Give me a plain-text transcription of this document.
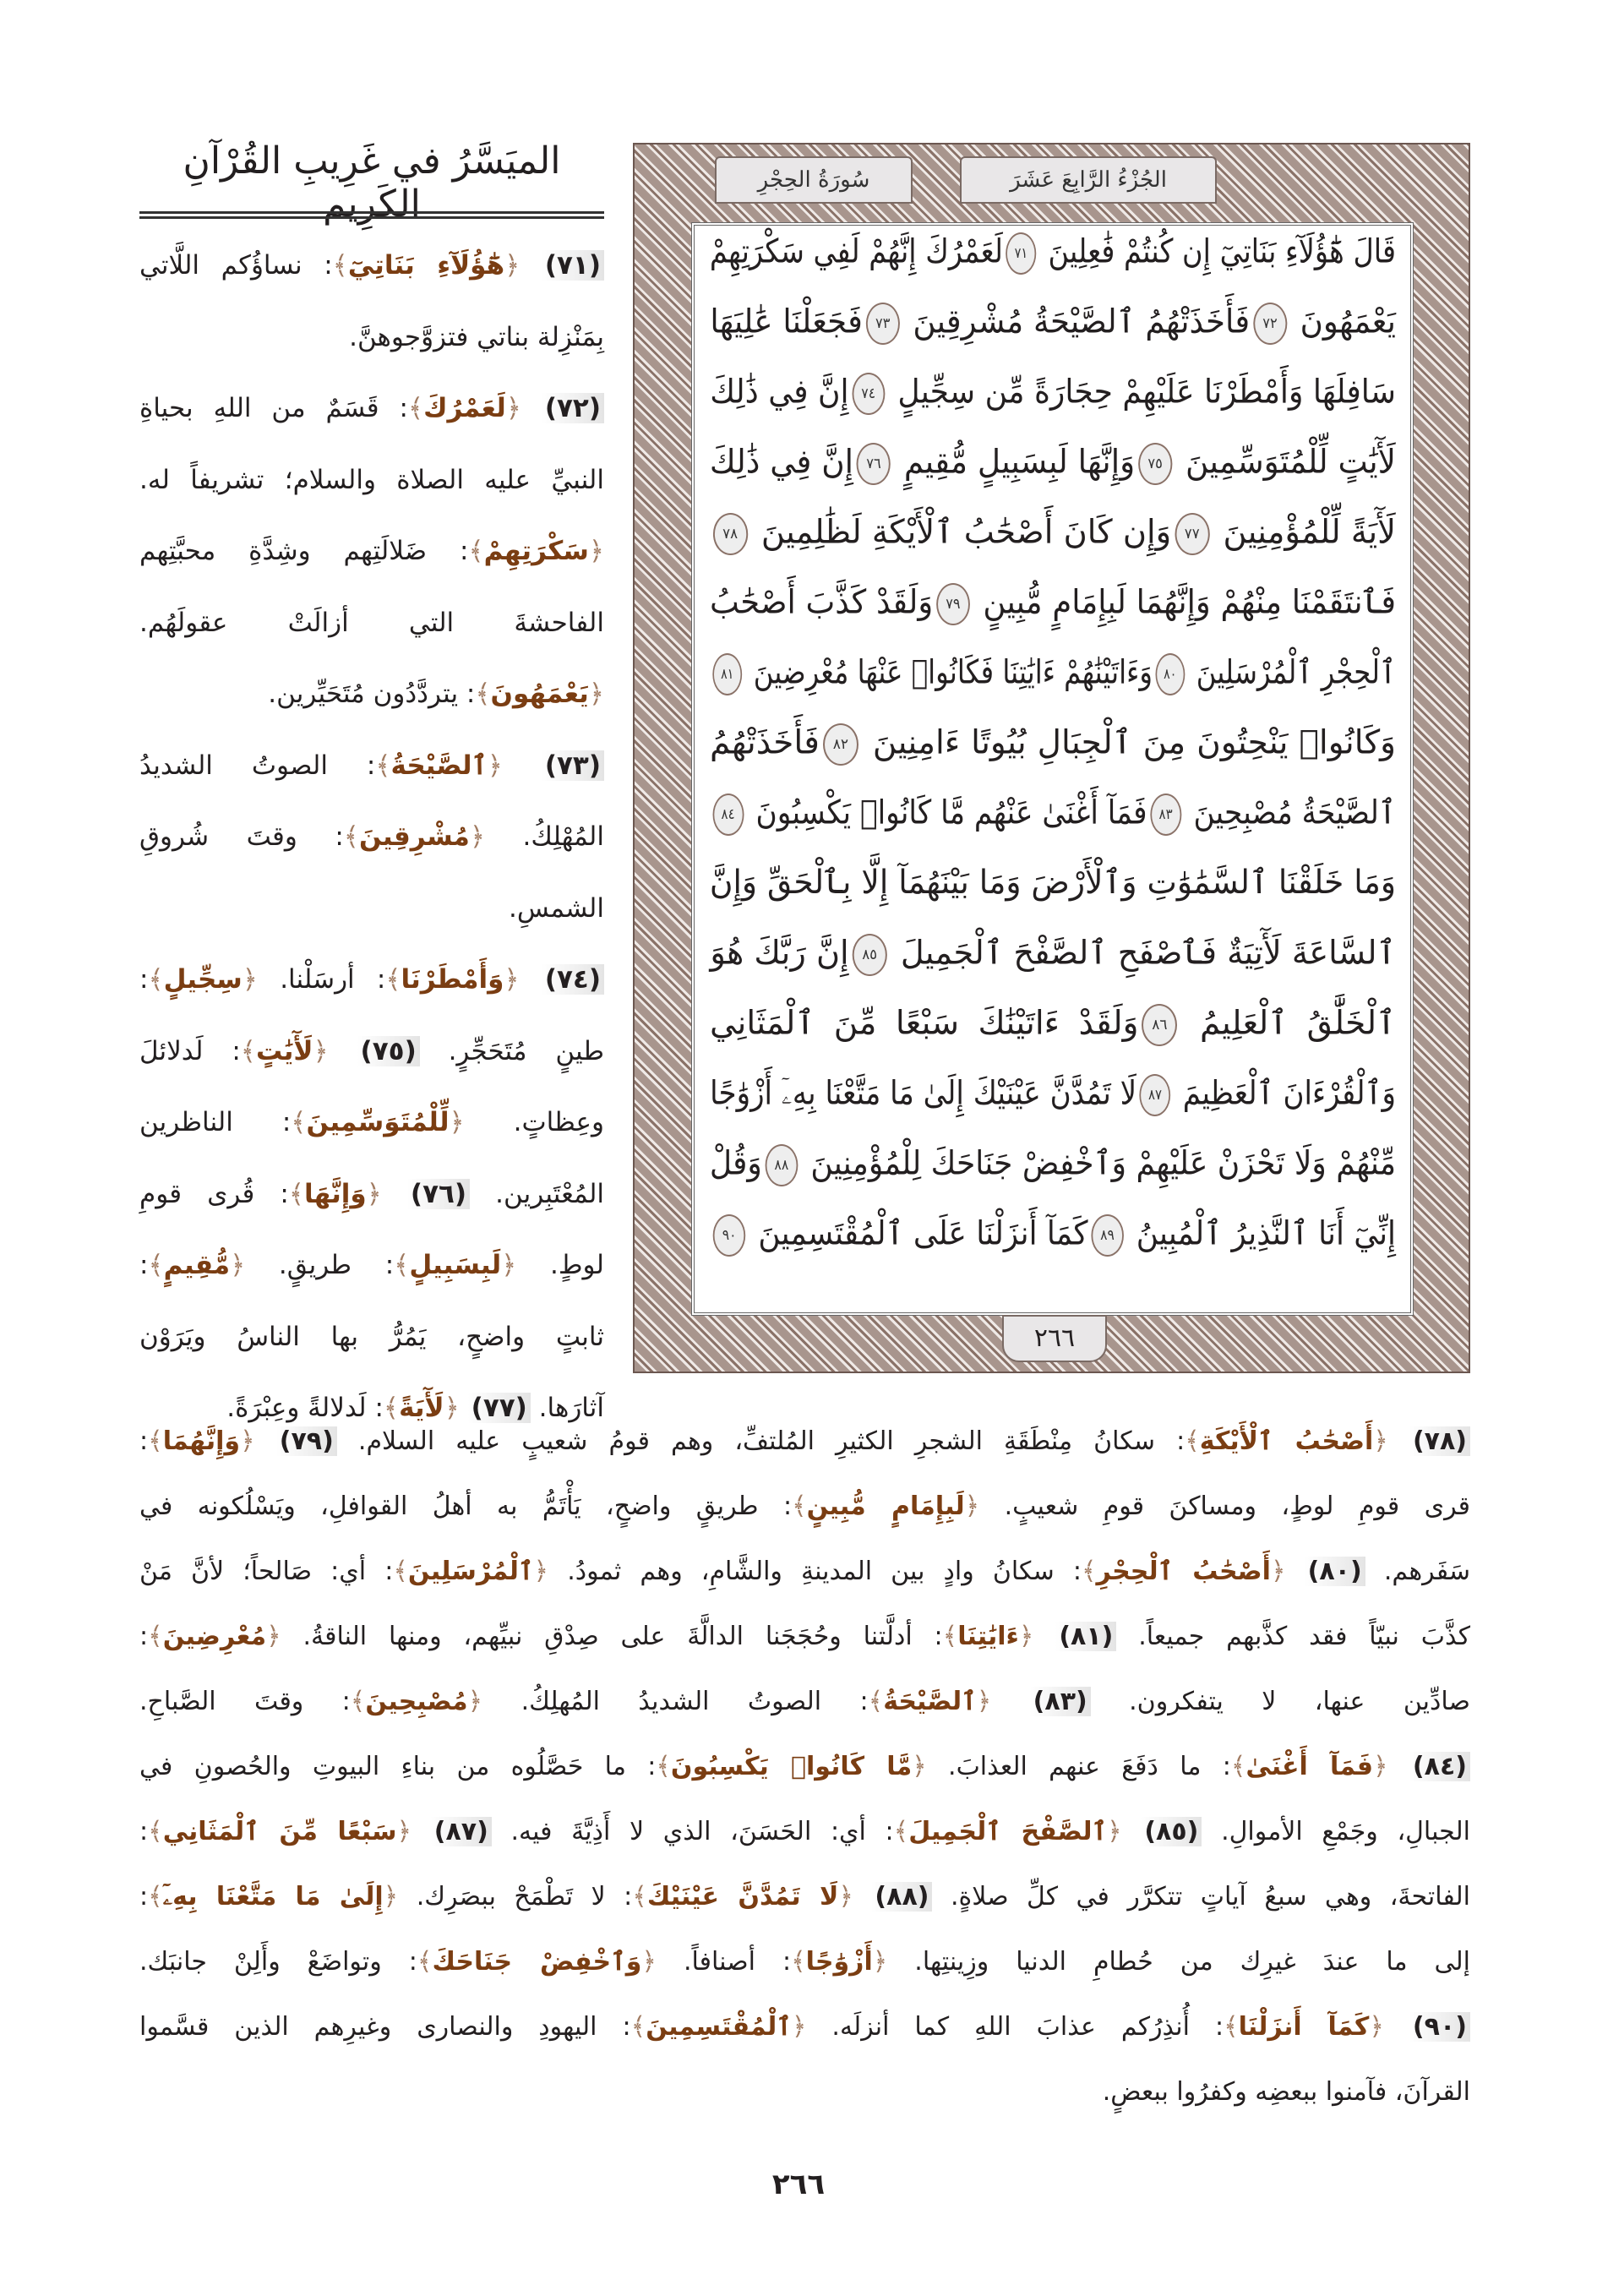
الميَسَّرُ في غَرِيبِ القُرْآنِ الكَرِيم
(٧١) ﴿هَٰٓؤُلَآءِ بَنَاتِيٓ﴾: نساؤُكم اللَّاتي
بِمَنْزِلة بناتي فتزوَّجوهنَّ.
(٧٢) ﴿لَعَمْرُكَ﴾: قَسَمٌ من اللهِ بحياةِ
النبيِّ عليه الصلاة والسلام؛ تشريفاً له.
﴿سَكْرَتِهِمْ﴾: ضَلالَتِهم وشِدَّةِ محبَّتِهم
الفاحشةَ التي أزالَتْ عقولَهُم.
﴿يَعْمَهُونَ﴾: يتردَّدُون مُتَحَيِّرين.
(٧٣) ﴿ٱلصَّيْحَةُ﴾: الصوتُ الشديدُ
المُهْلِكُ. ﴿مُشْرِقِينَ﴾: وقتَ شُروقِ
الشمسِ.
(٧٤) ﴿وَأَمْطَرْنَا﴾: أرسَلْنا. ﴿سِجِّيلٍ﴾:
طينٍ مُتَحَجِّرٍ. (٧٥) ﴿لَأٓيَٰتٍ﴾: لَدلائلَ
وعِظاتٍ. ﴿لِّلْمُتَوَسِّمِينَ﴾: الناظرين
المُعْتَبِرين. (٧٦) ﴿وَإِنَّهَا﴾: قُرى قومِ
لوطٍ. ﴿لَبِسَبِيلٍ﴾: طريقٍ. ﴿مُّقِيمٍ﴾:
ثابتٍ واضحٍ، يَمُرُّ بها الناسُ ويَرَوْن
آثارَها. (٧٧) ﴿لَأٓيَةً﴾: لَدلالةً وعِبْرَةً.
الجُزْءُ الرَّابِعَ عَشَرَ
سُورَةُ الحِجْرِ
قَالَ هَٰٓؤُلَآءِ بَنَاتِيٓ إِن كُنتُمْ فَٰعِلِينَ ٧١لَعَمْرُكَ إِنَّهُمْ لَفِي سَكْرَتِهِمْ
يَعْمَهُونَ ٧٢فَأَخَذَتْهُمُ ٱلصَّيْحَةُ مُشْرِقِينَ ٧٣فَجَعَلْنَا عَٰلِيَهَا
سَافِلَهَا وَأَمْطَرْنَا عَلَيْهِمْ حِجَارَةً مِّن سِجِّيلٍ ٧٤إِنَّ فِي ذَٰلِكَ
لَأٓيَٰتٍ لِّلْمُتَوَسِّمِينَ ٧٥وَإِنَّهَا لَبِسَبِيلٍ مُّقِيمٍ ٧٦إِنَّ فِي ذَٰلِكَ
لَأٓيَةً لِّلْمُؤْمِنِينَ ٧٧وَإِن كَانَ أَصْحَٰبُ ٱلْأَيْكَةِ لَظَٰلِمِينَ ٧٨
فَٱنتَقَمْنَا مِنْهُمْ وَإِنَّهُمَا لَبِإِمَامٍ مُّبِينٍ ٧٩وَلَقَدْ كَذَّبَ أَصْحَٰبُ
ٱلْحِجْرِ ٱلْمُرْسَلِينَ ٨٠وَءَاتَيْنَٰهُمْ ءَايَٰتِنَا فَكَانُوا۟ عَنْهَا مُعْرِضِينَ ٨١
وَكَانُوا۟ يَنْحِتُونَ مِنَ ٱلْجِبَالِ بُيُوتًا ءَامِنِينَ ٨٢فَأَخَذَتْهُمُ
ٱلصَّيْحَةُ مُصْبِحِينَ ٨٣فَمَآ أَغْنَىٰ عَنْهُم مَّا كَانُوا۟ يَكْسِبُونَ ٨٤
وَمَا خَلَقْنَا ٱلسَّمَٰوَٰتِ وَٱلْأَرْضَ وَمَا بَيْنَهُمَآ إِلَّا بِٱلْحَقِّ وَإِنَّ
ٱلسَّاعَةَ لَأٓتِيَةٌ فَٱصْفَحِ ٱلصَّفْحَ ٱلْجَمِيلَ ٨٥إِنَّ رَبَّكَ هُوَ
ٱلْخَلَّٰقُ ٱلْعَلِيمُ ٨٦وَلَقَدْ ءَاتَيْنَٰكَ سَبْعًا مِّنَ ٱلْمَثَانِي
وَٱلْقُرْءَانَ ٱلْعَظِيمَ ٨٧لَا تَمُدَّنَّ عَيْنَيْكَ إِلَىٰ مَا مَتَّعْنَا بِهِۦٓ أَزْوَٰجًا
مِّنْهُمْ وَلَا تَحْزَنْ عَلَيْهِمْ وَٱخْفِضْ جَنَاحَكَ لِلْمُؤْمِنِينَ ٨٨وَقُلْ
إِنِّيٓ أَنَا ٱلنَّذِيرُ ٱلْمُبِينُ ٨٩كَمَآ أَنزَلْنَا عَلَى ٱلْمُقْتَسِمِينَ ٩٠
٢٦٦
(٧٨) ﴿أَصْحَٰبُ ٱلْأَيْكَةِ﴾: سكانُ مِنْطَقَةِ الشجرِ الكثيرِ المُلتفِّ، وهم قومُ شعيبٍ عليه السلام. (٧٩) ﴿وَإِنَّهُمَا﴾:
قرى قومِ لوطٍ، ومساكنَ قومِ شعيبٍ. ﴿لَبِإِمَامٍ مُّبِينٍ﴾: طريقٍ واضحٍ، يَأْتَمُّ به أهلُ القوافلِ، ويَسْلُكونه في
سَفَرهم. (٨٠) ﴿أَصْحَٰبُ ٱلْحِجْرِ﴾: سكانُ وادٍ بين المدينةِ والشَّامِ، وهم ثمودُ. ﴿ٱلْمُرْسَلِينَ﴾: أي: صَالحاً؛ لأنَّ مَنْ
كذَّبَ نبيّاً فقد كذَّبهم جميعاً. (٨١) ﴿ءَايَٰتِنَا﴾: أدلَّتنا وحُجَجَنا الدالَّةَ على صِدْقِ نبيِّهم، ومنها الناقةُ. ﴿مُعْرِضِينَ﴾:
صادِّين عنها، لا يتفكرون. (٨٣) ﴿ٱلصَّيْحَةُ﴾: الصوتُ الشديدُ المُهلِكُ. ﴿مُصْبِحِينَ﴾: وقتَ الصَّباحِ.
(٨٤) ﴿فَمَآ أَغْنَىٰ﴾: ما دَفَعَ عنهم العذابَ. ﴿مَّا كَانُوا۟ يَكْسِبُونَ﴾: ما حَصَّلُوه من بناءِ البيوتِ والحُصونِ في
الجبالِ، وجَمْعِ الأموالِ. (٨٥) ﴿ٱلصَّفْحَ ٱلْجَمِيلَ﴾: أي: الحَسَنَ، الذي لا أَذِيَّةَ فيه. (٨٧) ﴿سَبْعًا مِّنَ ٱلْمَثَانِي﴾:
الفاتحةَ، وهي سبعُ آياتٍ تتكرَّر في كلِّ صلاةٍ. (٨٨) ﴿لَا تَمُدَّنَّ عَيْنَيْكَ﴾: لا تَطْمَحْ ببصَرِك. ﴿إِلَىٰ مَا مَتَّعْنَا بِهِۦٓ﴾:
إلى ما عندَ غيرِك من حُطامِ الدنيا وزِينتِها. ﴿أَزْوَٰجًا﴾: أصنافاً. ﴿وَٱخْفِضْ جَنَاحَكَ﴾: وتواضَعْ وأَلِنْ جانبَك.
(٩٠) ﴿كَمَآ أَنزَلْنَا﴾: أُنذِرُكم عذابَ اللهِ كما أنزلَه. ﴿ٱلْمُقْتَسِمِينَ﴾: اليهودِ والنصارى وغيرِهم الذين قسَّموا
القرآنَ، فآمنوا ببعضِه وكفرُوا ببعضٍ.
٢٦٦
